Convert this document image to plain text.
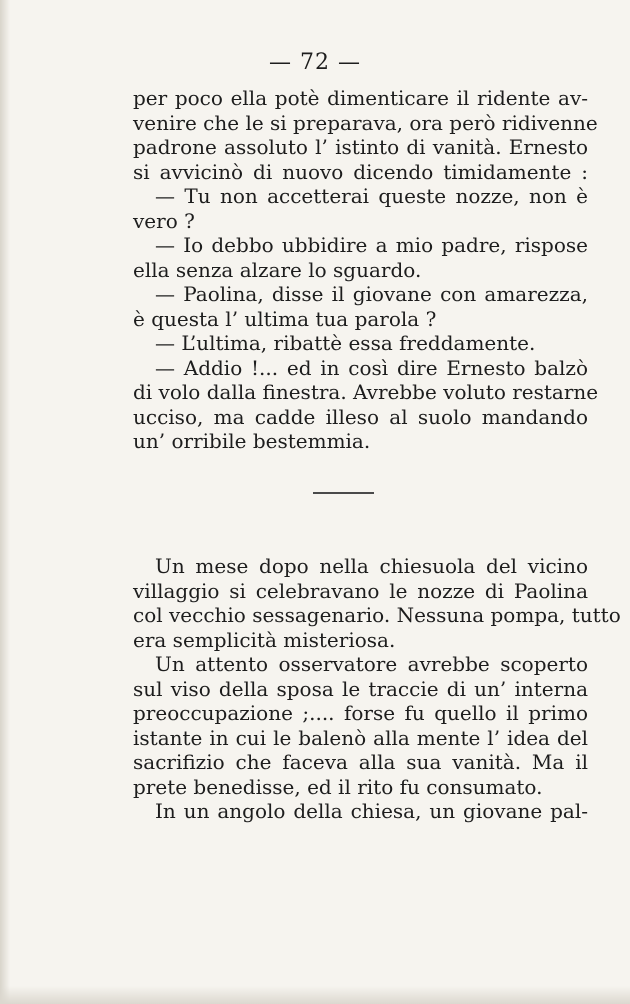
— 72 —
per poco ella potè dimenticare il ridente av-
venire che le si preparava, ora però ridivenne
padrone assoluto l’ istinto di vanità. Ernesto
si avvicinò di nuovo dicendo timidamente :
— Tu non accetterai queste nozze, non è
vero ?
— Io debbo ubbidire a mio padre, rispose
ella senza alzare lo sguardo.
— Paolina, disse il giovane con amarezza,
è questa l’ ultima tua parola ?
— L’ultima, ribattè essa freddamente.
— Addio !... ed in così dire Ernesto balzò
di volo dalla finestra. Avrebbe voluto restarne
ucciso, ma cadde illeso al suolo mandando
un’ orribile bestemmia.
Un mese dopo nella chiesuola del vicino
villaggio si celebravano le nozze di Paolina
col vecchio sessagenario. Nessuna pompa, tutto
era semplicità misteriosa.
Un attento osservatore avrebbe scoperto
sul viso della sposa le traccie di un’ interna
preoccupazione ;.... forse fu quello il primo
istante in cui le balenò alla mente l’ idea del
sacrifizio che faceva alla sua vanità. Ma il
prete benedisse, ed il rito fu consumato.
In un angolo della chiesa, un giovane pal-
